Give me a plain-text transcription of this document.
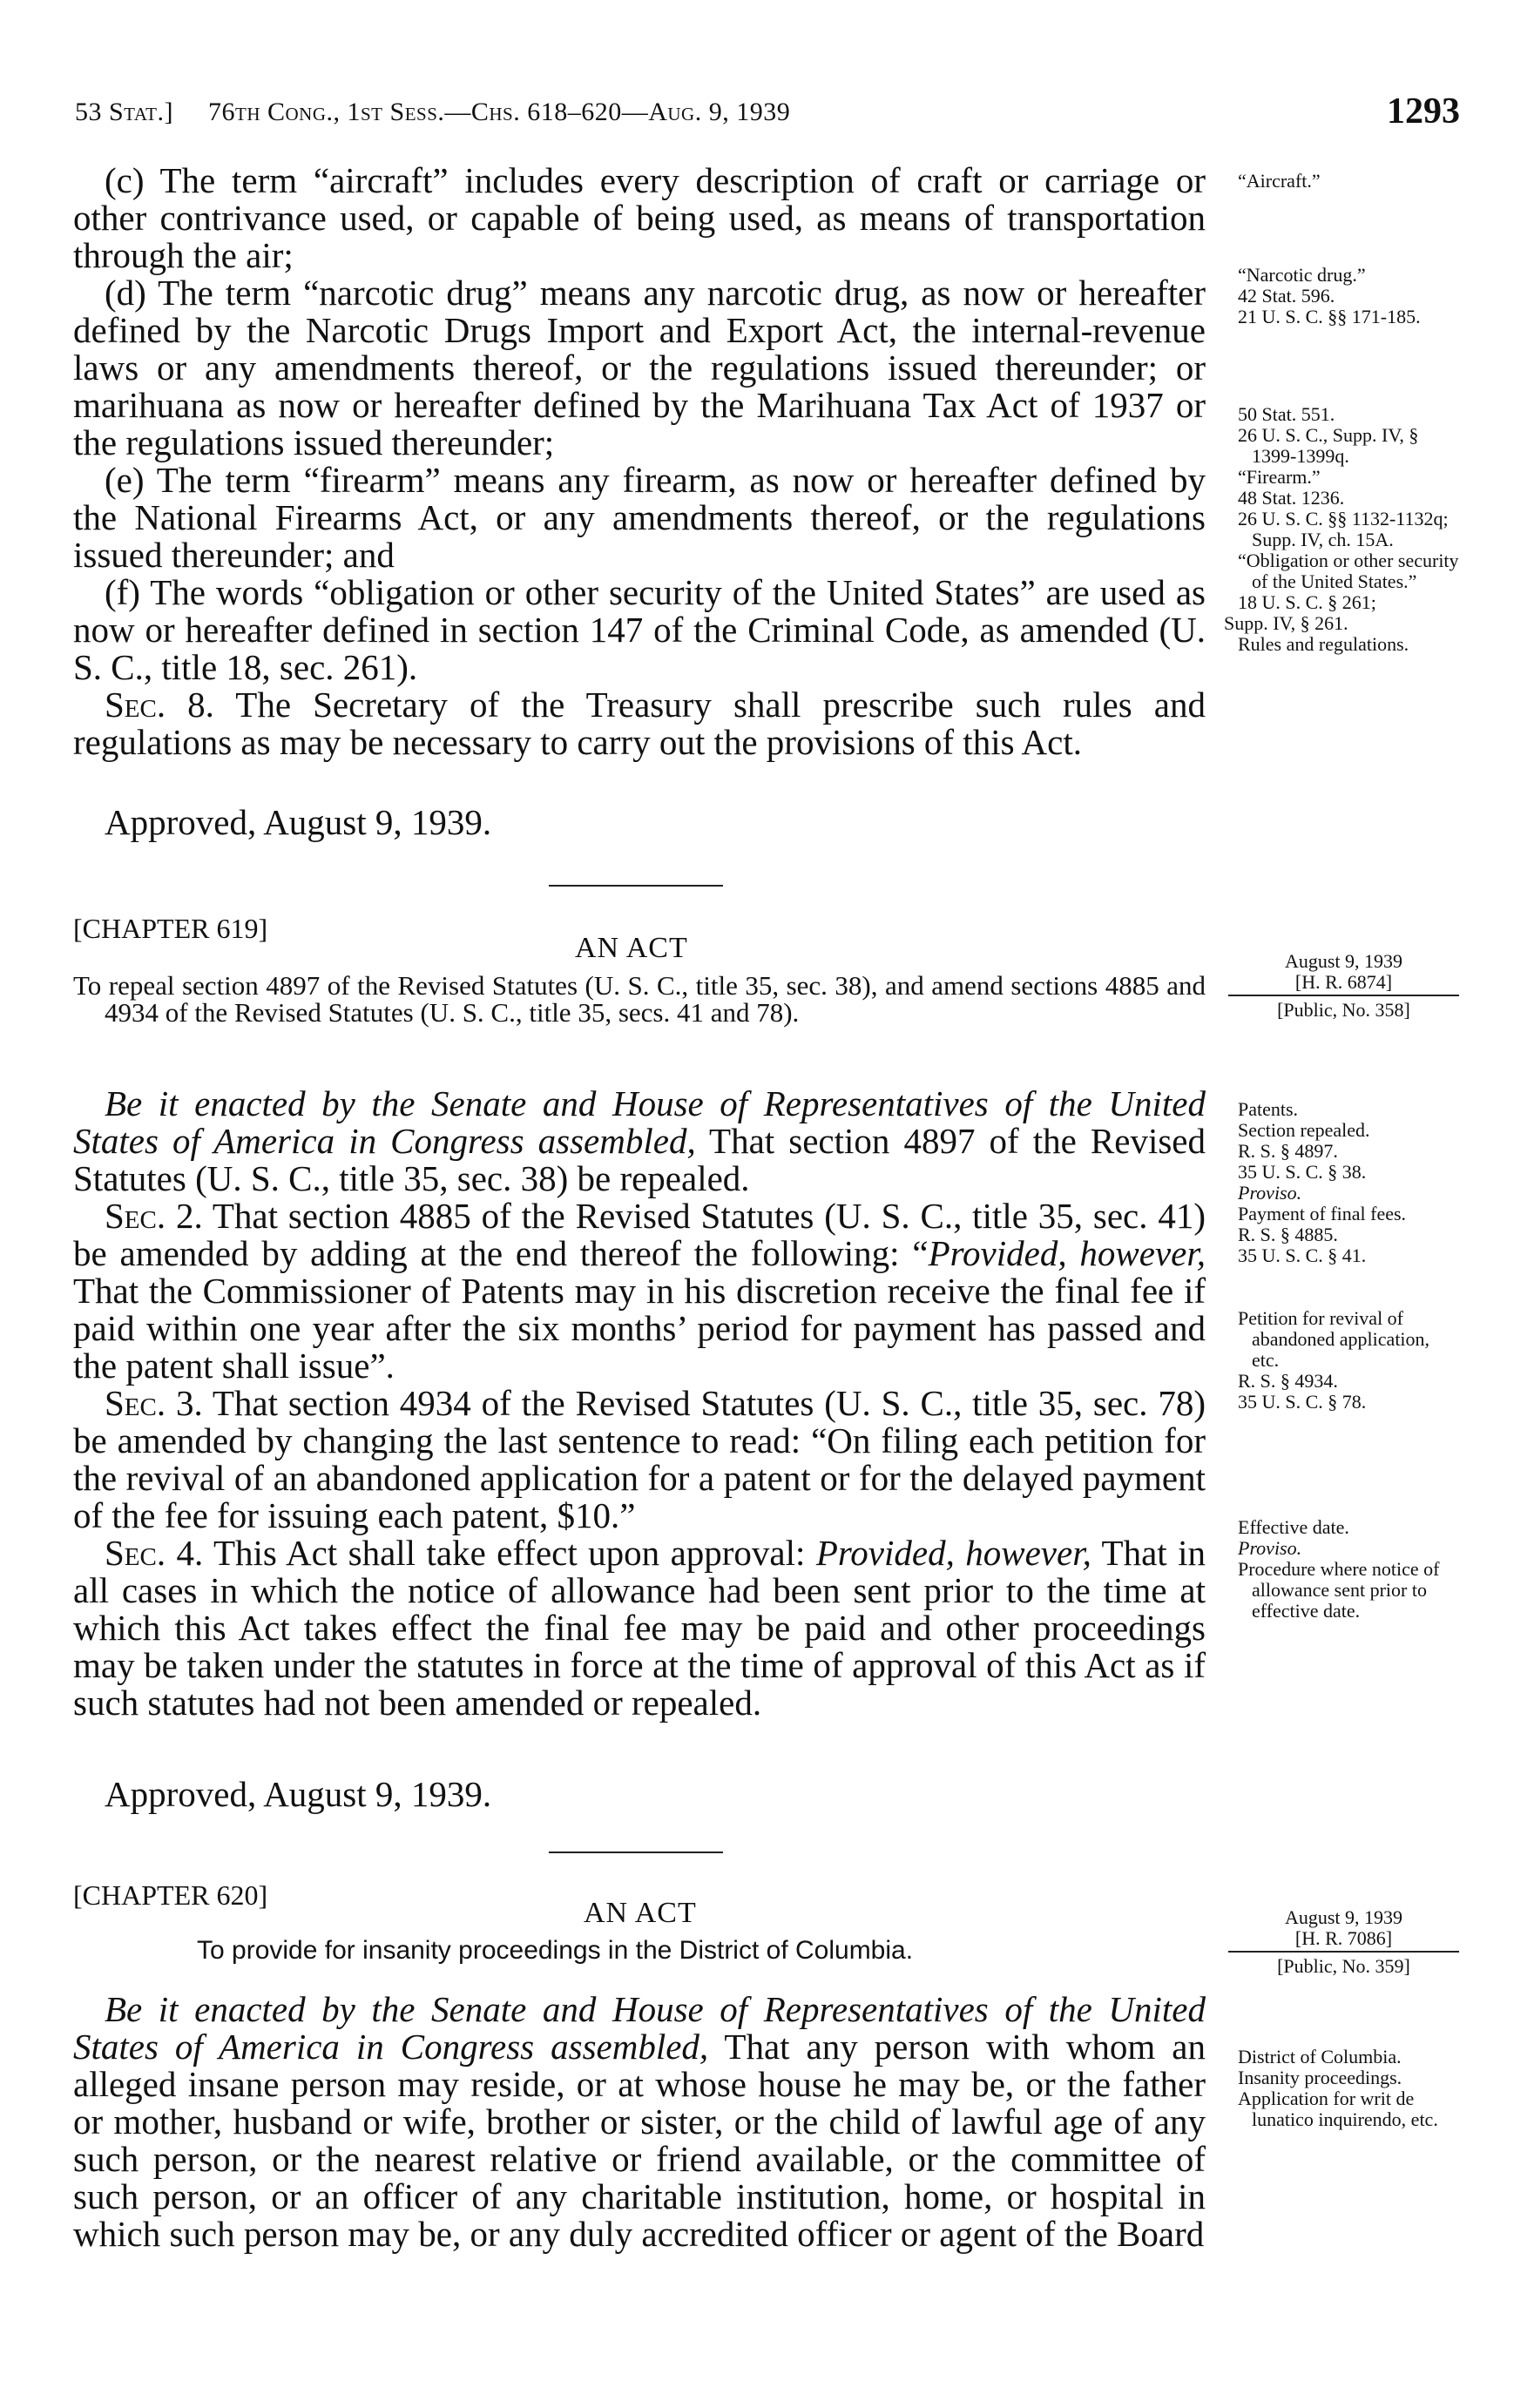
53 Stat.] 76th Cong., 1st Sess.—Chs. 618–620—Aug. 9, 1939	1293

(c) The term “aircraft” includes every description of craft or carriage or other contrivance used, or capable of being used, as means of transportation through the air;

(d) The term “narcotic drug” means any narcotic drug, as now or hereafter defined by the Narcotic Drugs Import and Export Act, the internal-revenue laws or any amendments thereof, or the regulations issued thereunder; or marihuana as now or hereafter defined by the Marihuana Tax Act of 1937 or the regulations issued thereunder;

(e) The term “firearm” means any firearm, as now or hereafter defined by the National Firearms Act, or any amendments thereof, or the regulations issued thereunder; and

(f) The words “obligation or other security of the United States” are used as now or hereafter defined in section 147 of the Criminal Code, as amended (U. S. C., title 18, sec. 261).

Sec. 8. The Secretary of the Treasury shall prescribe such rules and regulations as may be necessary to carry out the provisions of this Act.

Approved, August 9, 1939.

“Aircraft.”

“Narcotic drug.”

42 Stat. 596.

21 U. S. C. §§ 171-185.

50 Stat. 551.

26 U. S. C., Supp. IV, § 1399-1399q.

“Firearm.”

48 Stat. 1236.

26 U. S. C. §§ 1132-1132q; Supp. IV, ch. 15A.

“Obligation or other security of the United States.”

18 U. S. C. § 261;

Supp. IV, § 261.

Rules and regulations.

[CHAPTER 619]
AN ACT

To repeal section 4897 of the Revised Statutes (U. S. C., title 35, sec. 38), and amend sections 4885 and 4934 of the Revised Statutes (U. S. C., title 35, secs. 41 and 78).

August 9, 1939
[H. R. 6874]
[Public, No. 358]

Be it enacted by the Senate and House of Representatives of the United States of America in Congress assembled, That section 4897 of the Revised Statutes (U. S. C., title 35, sec. 38) be repealed.

Sec. 2. That section 4885 of the Revised Statutes (U. S. C., title 35, sec. 41) be amended by adding at the end thereof the following: “Provided, however, That the Commissioner of Patents may in his discretion receive the final fee if paid within one year after the six months’ period for payment has passed and the patent shall issue”.

Sec. 3. That section 4934 of the Revised Statutes (U. S. C., title 35, sec. 78) be amended by changing the last sentence to read: “On filing each petition for the revival of an abandoned application for a patent or for the delayed payment of the fee for issuing each patent, $10.”

Sec. 4. This Act shall take effect upon approval: Provided, however, That in all cases in which the notice of allowance had been sent prior to the time at which this Act takes effect the final fee may be paid and other proceedings may be taken under the statutes in force at the time of approval of this Act as if such statutes had not been amended or repealed.

Approved, August 9, 1939.

Patents.

Section repealed.

R. S. § 4897.

35 U. S. C. § 38.

Proviso.

Payment of final fees.

R. S. § 4885.

35 U. S. C. § 41.

Petition for revival of abandoned application, etc.

R. S. § 4934.

35 U. S. C. § 78.

Effective date.

Proviso.

Procedure where notice of allowance sent prior to effective date.

[CHAPTER 620]
AN ACT
To provide for insanity proceedings in the District of Columbia.
August 9, 1939
[H. R. 7086]
[Public, No. 359]

Be it enacted by the Senate and House of Representatives of the United States of America in Congress assembled, That any person with whom an alleged insane person may reside, or at whose house he may be, or the father or mother, husband or wife, brother or sister, or the child of lawful age of any such person, or the nearest relative or friend available, or the committee of such person, or an officer of any charitable institution, home, or hospital in which such person may be, or any duly accredited officer or agent of the Board

District of Columbia.

Insanity proceedings.

Application for writ de lunatico inquirendo, etc.
